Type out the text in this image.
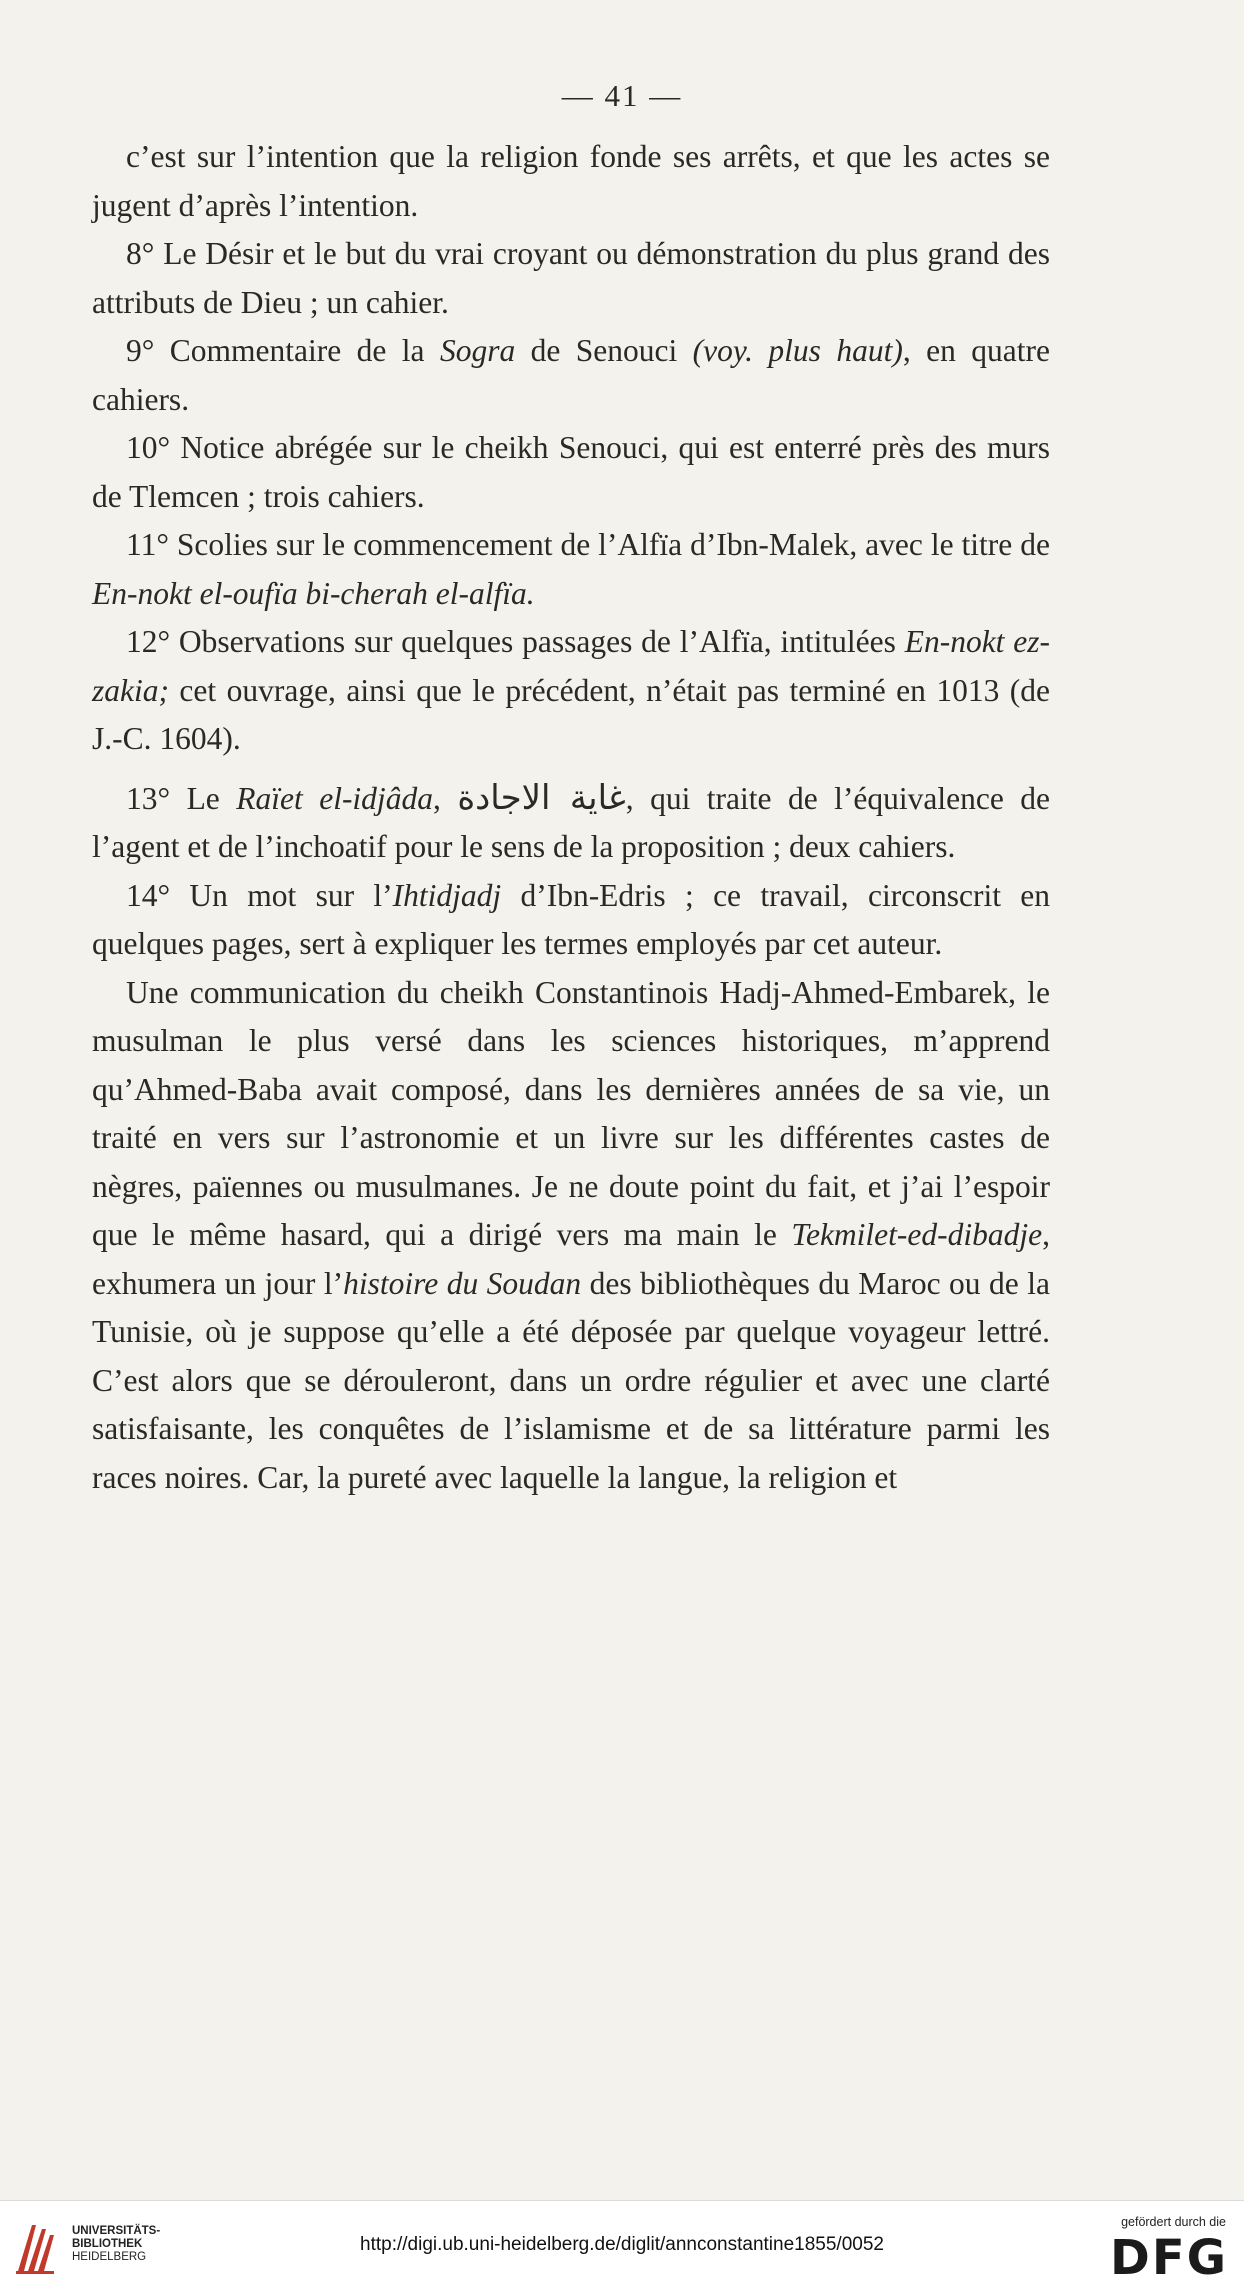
— 41 —

c’est sur l’intention que la religion fonde ses arrêts, et que les actes se jugent d’après l’intention.

8° Le Désir et le but du vrai croyant ou démonstration du plus grand des attributs de Dieu ; un cahier.

9° Commentaire de la Sogra de Senouci (voy. plus haut), en quatre cahiers.

10° Notice abrégée sur le cheikh Senouci, qui est enterré près des murs de Tlemcen ; trois cahiers.

11° Scolies sur le commencement de l’Alfïa d’Ibn-Malek, avec le titre de En-nokt el-oufïa bi-cherah el-alfïa.

12° Observations sur quelques passages de l’Alfïa, intitulées En-nokt ez-zakia; cet ouvrage, ainsi que le précédent, n’était pas terminé en 1013 (de J.-C. 1604).

13° Le Raïet el-idjâda, غاية الاجادة, qui traite de l’équivalence de l’agent et de l’inchoatif pour le sens de la proposition ; deux cahiers.

14° Un mot sur l’Ihtidjadj d’Ibn-Edris ; ce travail, circonscrit en quelques pages, sert à expliquer les termes employés par cet auteur.

Une communication du cheikh Constantinois Hadj-Ahmed-Embarek, le musulman le plus versé dans les sciences historiques, m’apprend qu’Ahmed-Baba avait composé, dans les dernières années de sa vie, un traité en vers sur l’astronomie et un livre sur les différentes castes de nègres, païennes ou musulmanes. Je ne doute point du fait, et j’ai l’espoir que le même hasard, qui a dirigé vers ma main le Tekmilet-ed-dibadje, exhumera un jour l’histoire du Soudan des bibliothèques du Maroc ou de la Tunisie, où je suppose qu’elle a été déposée par quelque voyageur lettré. C’est alors que se dérouleront, dans un ordre régulier et avec une clarté satisfaisante, les conquêtes de l’islamisme et de sa littérature parmi les races noires. Car, la pureté avec laquelle la langue, la religion et

UNIVERSITÄTS-
BIBLIOTHEK
HEIDELBERG
http://digi.ub.uni-heidelberg.de/diglit/annconstantine1855/0052
gefördert durch die
DFG
